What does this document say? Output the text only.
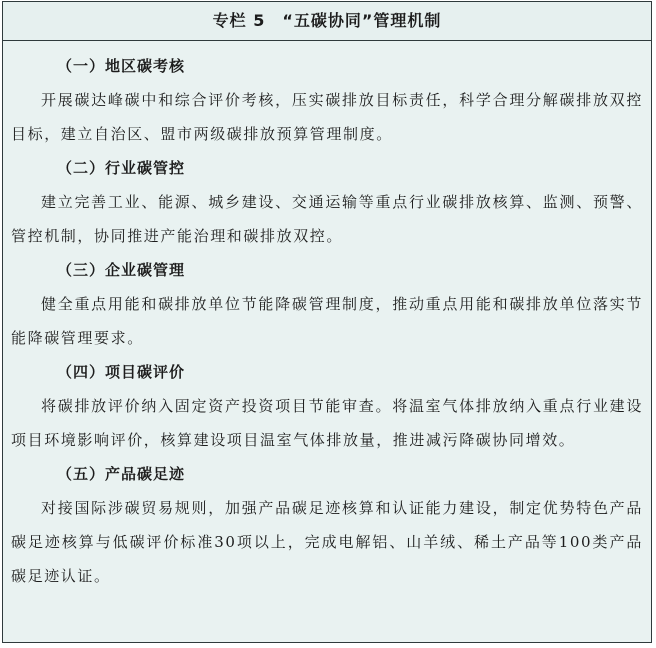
专栏 5　“五碳协同”管理机制
（一）地区碳考核

开展碳达峰碳中和综合评价考核，压实碳排放目标责任，科学合理分解碳排放双控目标，建立自治区、盟市两级碳排放预算管理制度。

（二）行业碳管控

建立完善工业、能源、城乡建设、交通运输等重点行业碳排放核算、监测、预警、管控机制，协同推进产能治理和碳排放双控。

（三）企业碳管理

健全重点用能和碳排放单位节能降碳管理制度，推动重点用能和碳排放单位落实节能降碳管理要求。

（四）项目碳评价

将碳排放评价纳入固定资产投资项目节能审查。将温室气体排放纳入重点行业建设项目环境影响评价，核算建设项目温室气体排放量，推进减污降碳协同增效。

（五）产品碳足迹

对接国际涉碳贸易规则，加强产品碳足迹核算和认证能力建设，制定优势特色产品碳足迹核算与低碳评价标准30项以上，完成电解铝、山羊绒、稀土产品等100类产品碳足迹认证。
